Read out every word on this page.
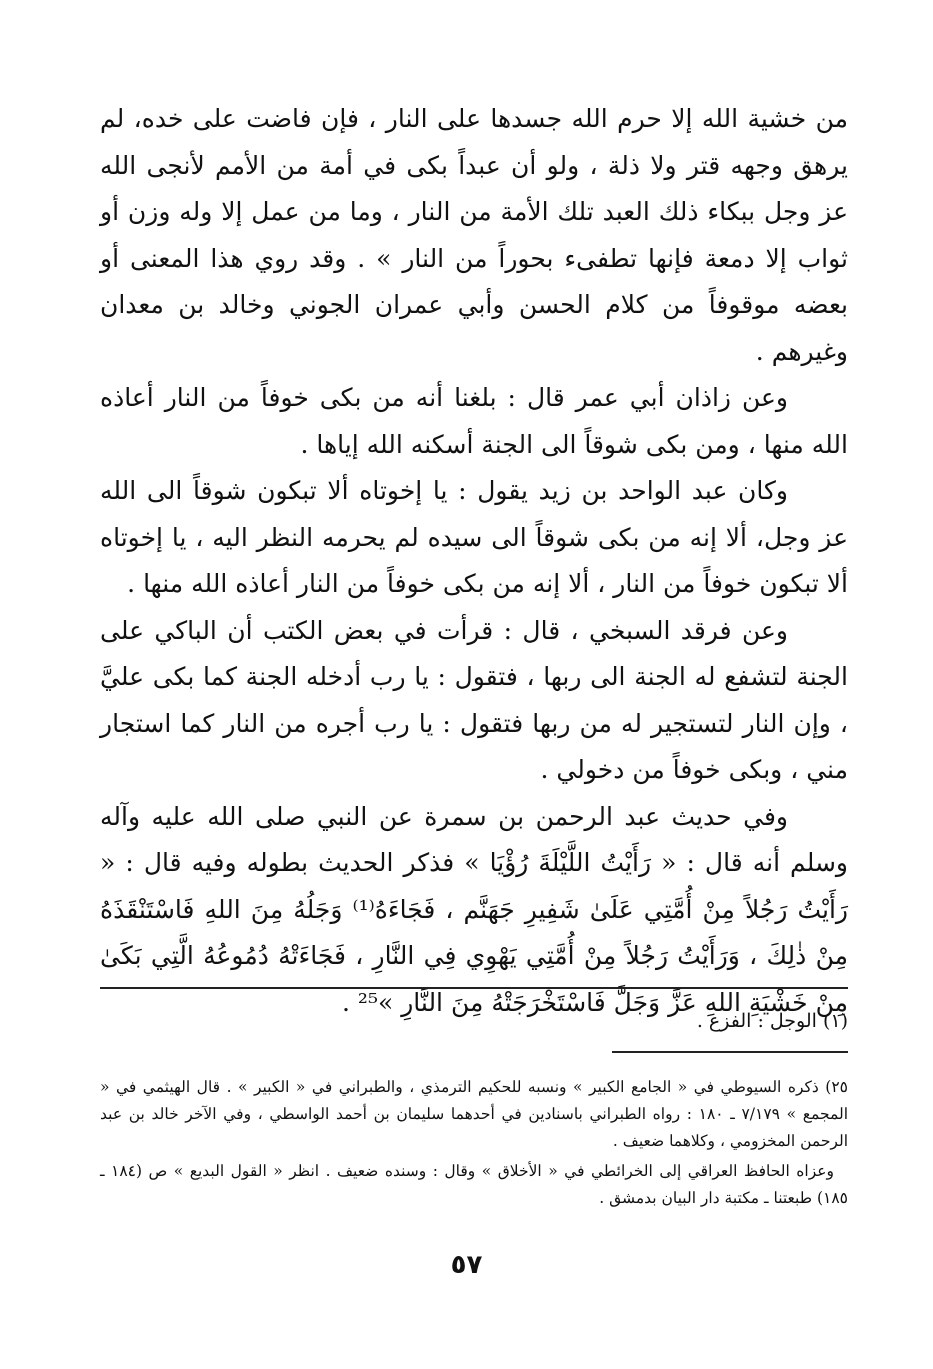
من خشية الله إلا حرم الله جسدها على النار ، فإن فاضت على خده، لم يرهق وجهه قتر ولا ذلة ، ولو أن عبداً بكى في أمة من الأمم لأنجى الله عز وجل ببكاء ذلك العبد تلك الأمة من النار ، وما من عمل إلا وله وزن أو ثواب إلا دمعة فإنها تطفىء بحوراً من النار » . وقد روي هذا المعنى أو بعضه موقوفاً من كلام الحسن وأبي عمران الجوني وخالد بن معدان وغيرهم .

وعن زاذان أبي عمر قال : بلغنا أنه من بكى خوفاً من النار أعاذه الله منها ، ومن بكى شوقاً الى الجنة أسكنه الله إياها .

وكان عبد الواحد بن زيد يقول : يا إخوتاه ألا تبكون شوقاً الى الله عز وجل، ألا إنه من بكى شوقاً الى سيده لم يحرمه النظر اليه ، يا إخوتاه ألا تبكون خوفاً من النار ، ألا إنه من بكى خوفاً من النار أعاذه الله منها .

وعن فرقد السبخي ، قال : قرأت في بعض الكتب أن الباكي على الجنة لتشفع له الجنة الى ربها ، فتقول : يا رب أدخله الجنة كما بكى عليَّ ، وإن النار لتستجير له من ربها فتقول : يا رب أجره من النار كما استجار مني ، وبكى خوفاً من دخولي .

وفي حديث عبد الرحمن بن سمرة عن النبي صلى الله عليه وآله وسلم أنه قال : « رَأَيْتُ اللَّيْلَةَ رُؤْيَا » فذكر الحديث بطوله وفيه قال : « رَأَيْتُ رَجُلاً مِنْ أُمَّتِي عَلَىٰ شَفِيرِ جَهَنَّم ، فَجَاءَهُ⁽¹⁾ وَجَلُهُ مِنَ اللهِ فَاسْتَنْقَذَهُ مِنْ ذٰلِكَ ، وَرَأَيْتُ رَجُلاً مِنْ أُمَّتِي يَهْوِي فِي النَّارِ ، فَجَاءَتْهُ دُمُوعُهُ الَّتِي بَكَىٰ مِنْ خَشْيَةِ اللهِ عَزَّ وَجَلَّ فَاسْتَخْرَجَتْهُ مِنَ النَّارِ »²⁵ .

(١) الوجل : الفزع .

٢٥) ذكره السيوطي في « الجامع الكبير » ونسبه للحكيم الترمذي ، والطبراني في « الكبير » . قال الهيثمي في « المجمع » ٧/١٧٩ ـ ١٨٠ : رواه الطبراني باسنادين في أحدهما سليمان بن أحمد الواسطي ، وفي الآخر خالد بن عبد الرحمن المخزومي ، وكلاهما ضعيف .

وعزاه الحافظ العراقي إلى الخرائطي في « الأخلاق » وقال : وسنده ضعيف . انظر « القول البديع » ص (١٨٤ ـ ١٨٥) طبعتنا ـ مكتبة دار البيان بدمشق .

٥٧
